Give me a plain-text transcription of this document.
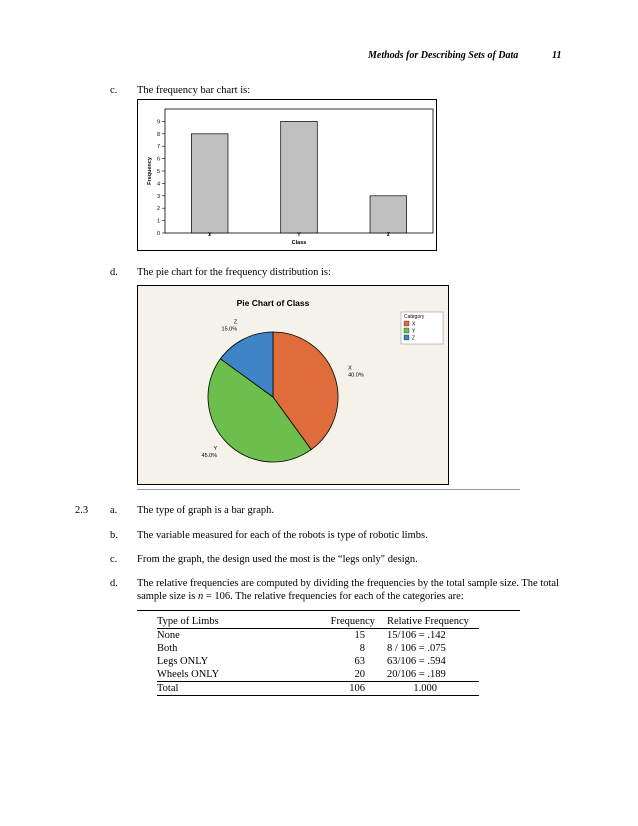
Methods for Describing Sets of Data	11
c. The frequency bar chart is:
0
1
2
3
4
5
6
7
8
9
Frequency
Class
X	Y	Z
d. The pie chart for the frequency distribution is:
Pie Chart of Class
X
40.0%
Y
45.0%
Z
15.0%
Category
X
Y
Z
2.3 a. The type of graph is a bar graph.
b. The variable measured for each of the robots is type of robotic limbs.
c. From the graph, the design used the most is the “legs only" design.
d. The relative frequencies are computed by dividing the frequencies by the total sample size. The total
sample size is n = 106. The relative frequencies for each of the categories are:
Type of Limbs	Frequency	Relative Frequency
None	15	15/106 = .142
Both	8	8 / 106 = .075
Legs ONLY	63	63/106 = .594
Wheels ONLY	20	20/106 = .189
Total	106	1.000
